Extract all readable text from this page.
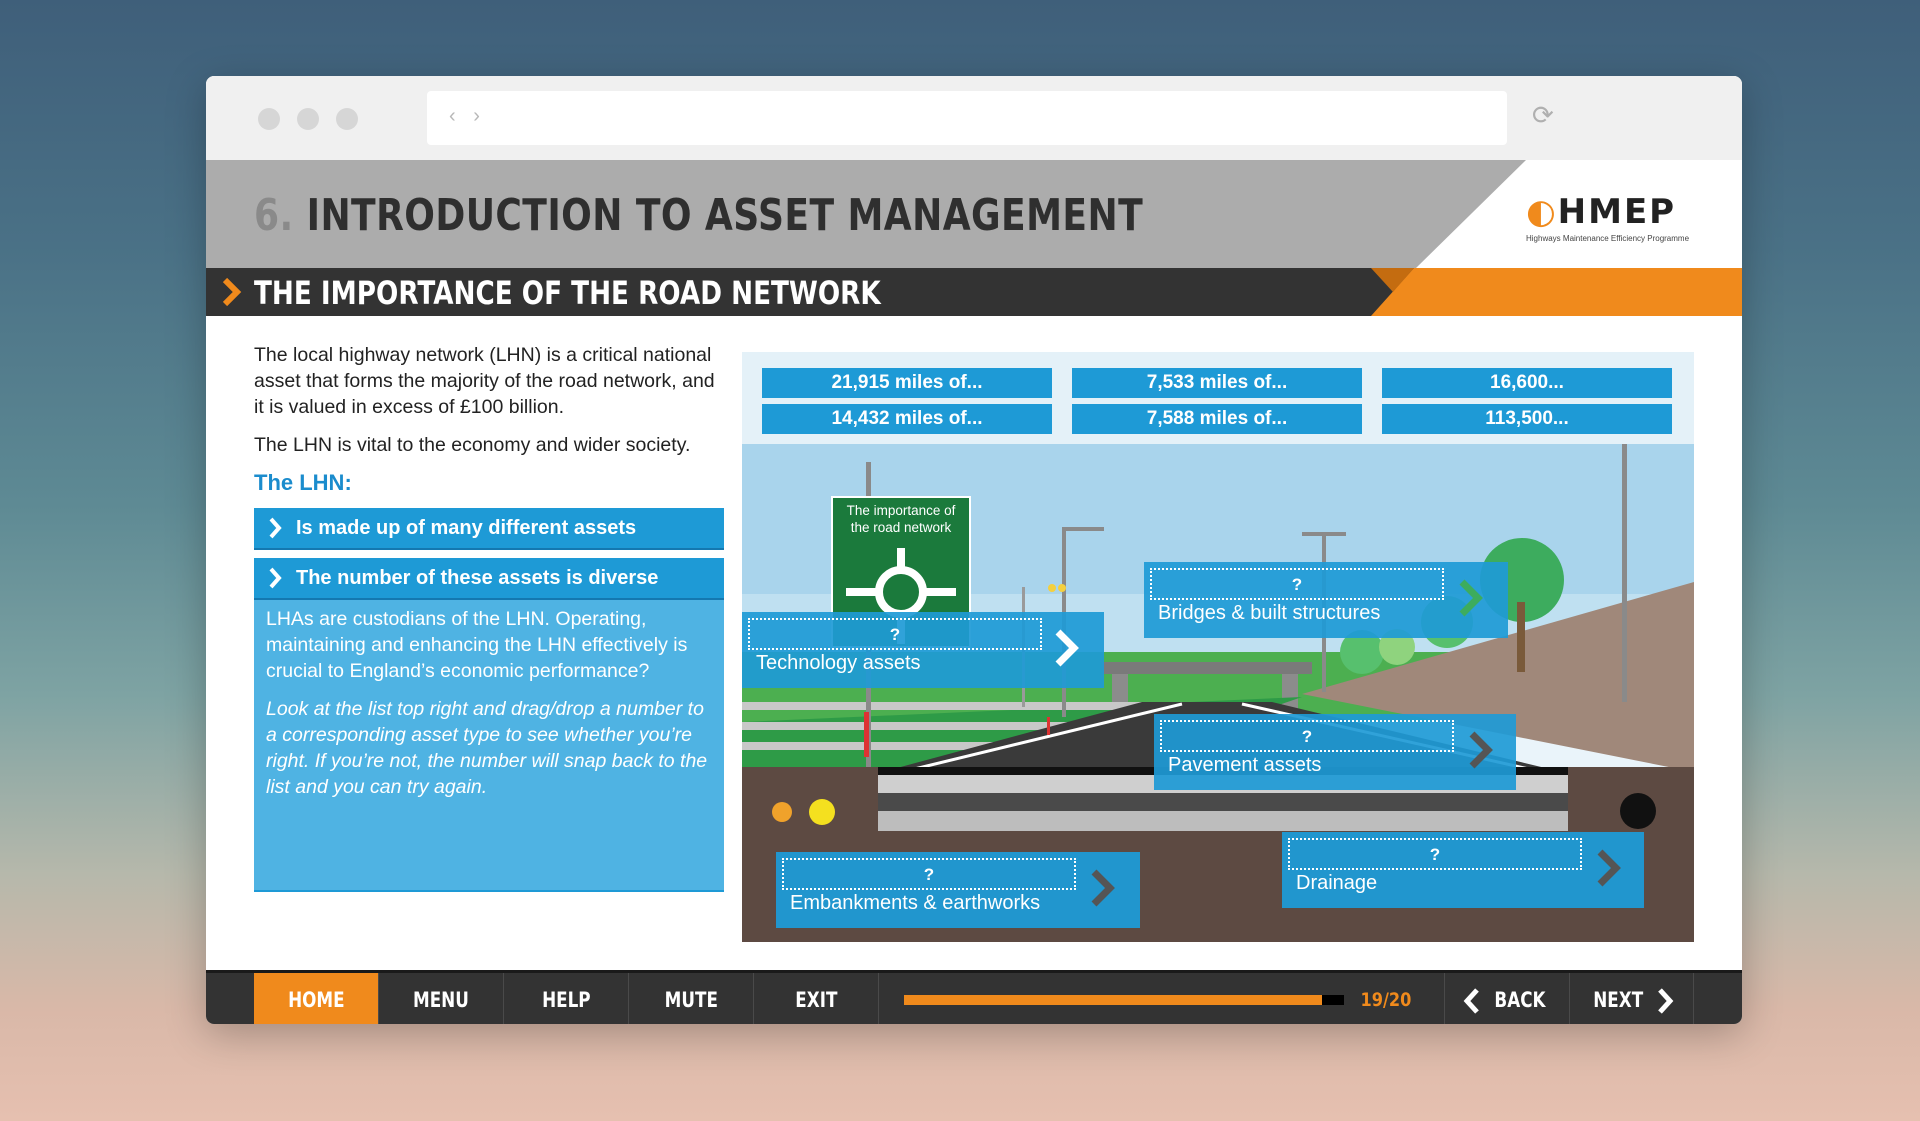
‹ ›	⟳
6. INTRODUCTION TO ASSET MANAGEMENT	◐HMEP
Highways Maintenance Efficiency Programme
THE IMPORTANCE OF THE ROAD NETWORK

The local highway network (LHN) is a critical national asset that forms the majority of the road network, and it is valued in excess of £100 billion.

The LHN is vital to the economy and wider society.

The LHN:
Is made up of many different assets
The number of these assets is diverse

LHAs are custodians of the LHN. Operating, maintaining and enhancing the LHN effectively is crucial to England’s economic performance?

Look at the list top right and drag/drop a number to a corresponding asset type to see whether you’re right. If you’re not, the number will snap back to the list and you can try again.

The importance of
the road network
21,915 miles of...	7,533 miles of...	16,600...
14,432 miles of...	7,588 miles of...	113,500...
?
Technology assets
?
Bridges & built structures
?
Pavement assets
?
Embankments & earthworks
?
Drainage
HOME	MENU	HELP	MUTE	EXIT	19/20	BACK	NEXT
